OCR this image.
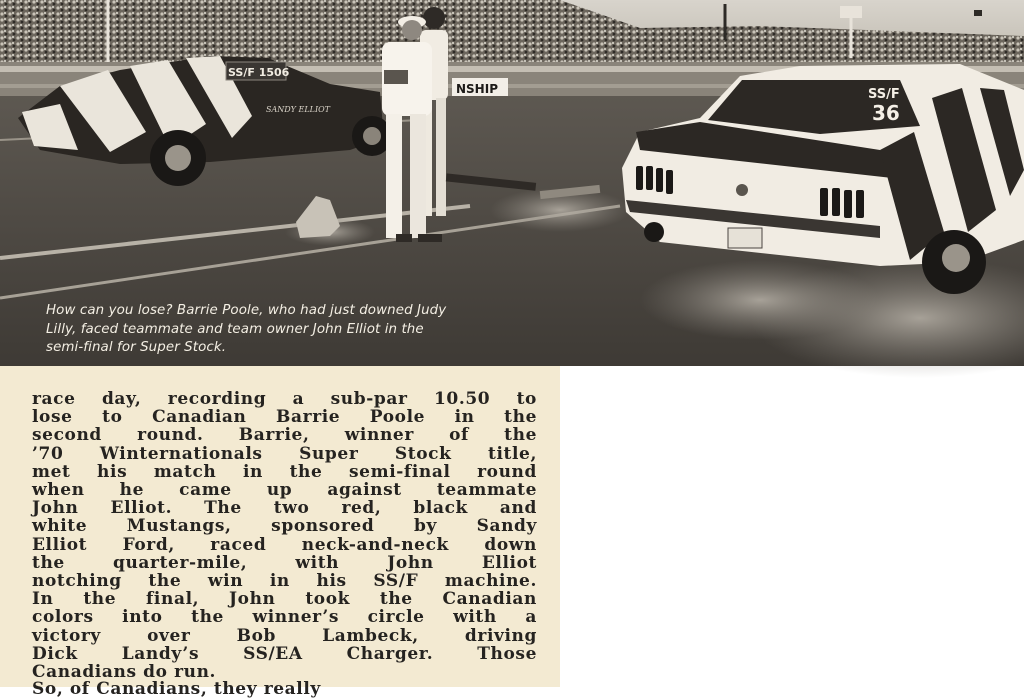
NSHIP
SS/F 1506
SANDY ELLIOT
SS/F
36
How can you lose? Barrie Poole, who had just downed Judy
Lilly, faced teammate and team owner John Elliot in the
semi-final for Super Stock.

race day, recording a sub-par 10.50 to
lose to Canadian Barrie Poole in the
second round. Barrie, winner of the
’70 Winternationals Super Stock title,
met his match in the semi-final round
when he came up against teammate
John Elliot. The two red, black and
white Mustangs, sponsored by Sandy
Elliot Ford, raced neck-and-neck down
the quarter-mile, with John Elliot
notching the win in his SS/F machine.
In the final, John took the Canadian
colors into the winner’s circle with a
victory over Bob Lambeck, driving
Dick Landy’s SS/EA Charger. Those
Canadians do run.

So, of Canadians, they really
